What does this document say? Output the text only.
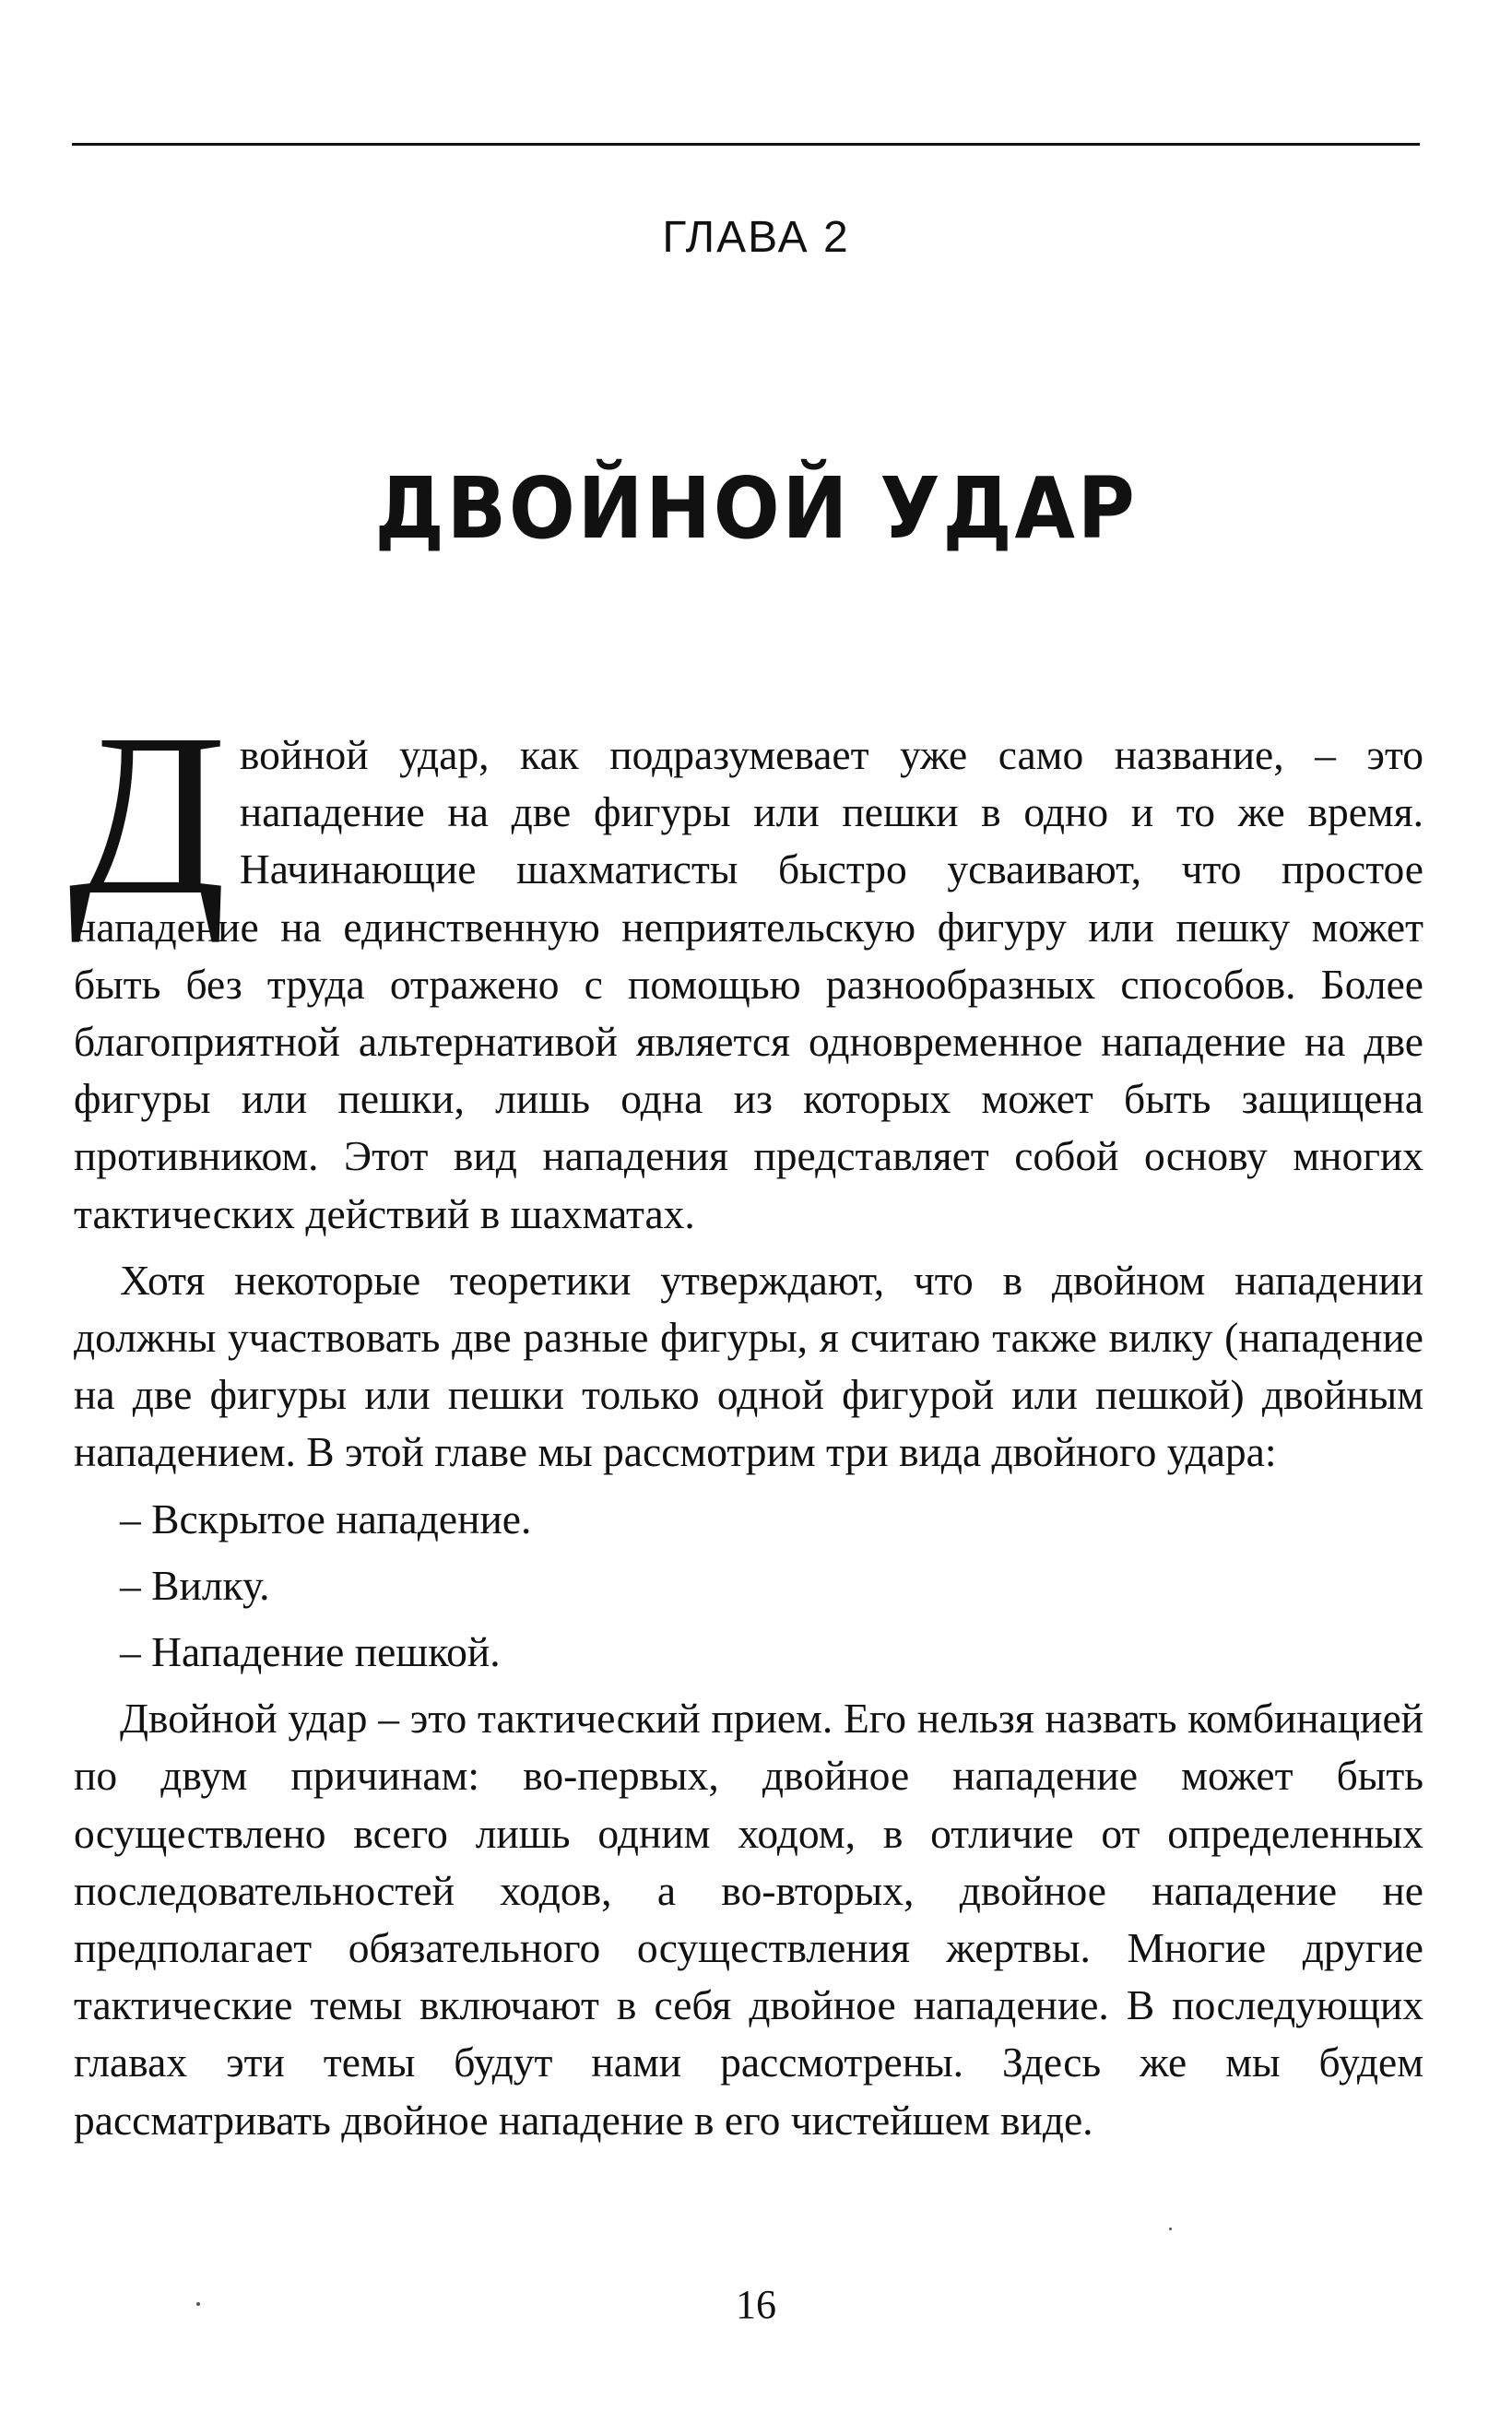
ГЛАВА 2
ДВОЙНОЙ УДАР

Двойной удар, как подразумевает уже само название, – это нападение на две фигуры или пешки в одно и то же время. Начинающие шахматисты быстро усваивают, что простое нападение на единственную неприятельскую фигуру или пешку может быть без труда отражено с помощью разнообразных способов. Более благоприятной альтернативой является одновременное нападение на две фигуры или пешки, лишь одна из которых может быть защищена противником. Этот вид нападения представляет собой основу многих тактических действий в шахматах.

Хотя некоторые теоретики утверждают, что в двойном нападении должны участвовать две разные фигуры, я считаю также вилку (нападение на две фигуры или пешки только одной фигурой или пешкой) двойным нападением. В этой главе мы рассмотрим три вида двойного удара:

– Вскрытое нападение.

– Вилку.

– Нападение пешкой.

Двойной удар – это тактический прием. Его нельзя назвать комбинацией по двум причинам: во-первых, двойное нападение может быть осуществлено всего лишь одним ходом, в отличие от определенных последовательностей ходов, а во-вторых, двойное нападение не предполагает обязательного осуществления жертвы. Многие другие тактические темы включают в себя двойное нападение. В последующих главах эти темы будут нами рассмотрены. Здесь же мы будем рассматривать двойное нападение в его чистейшем виде.

16
